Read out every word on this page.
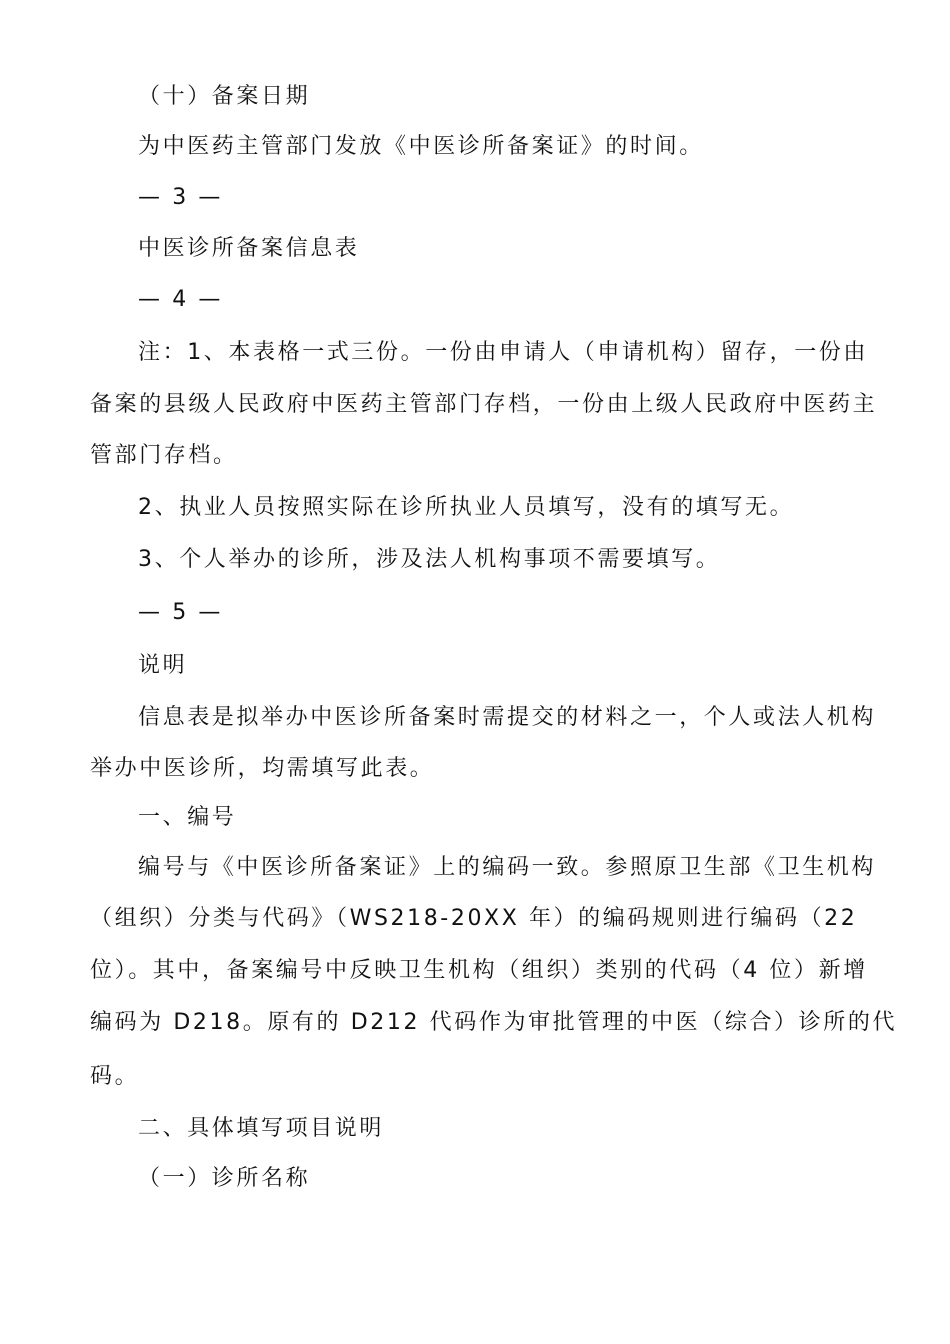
（十）备案日期
为中医药主管部门发放《中医诊所备案证》的时间。
— 3 —
中医诊所备案信息表
— 4 —
注：1、本表格一式三份。一份由申请人（申请机构）留存，一份由
备案的县级人民政府中医药主管部门存档，一份由上级人民政府中医药主
管部门存档。
2、执业人员按照实际在诊所执业人员填写，没有的填写无。
3、个人举办的诊所，涉及法人机构事项不需要填写。
— 5 —
说明
信息表是拟举办中医诊所备案时需提交的材料之一，个人或法人机构
举办中医诊所，均需填写此表。
一、编号
编号与《中医诊所备案证》上的编码一致。参照原卫生部《卫生机构
（组织）分类与代码》（WS218-20XX 年）的编码规则进行编码（22
位）。其中，备案编号中反映卫生机构（组织）类别的代码（4 位）新增
编码为 D218。原有的 D212 代码作为审批管理的中医（综合）诊所的代
码。
二、具体填写项目说明
（一）诊所名称
